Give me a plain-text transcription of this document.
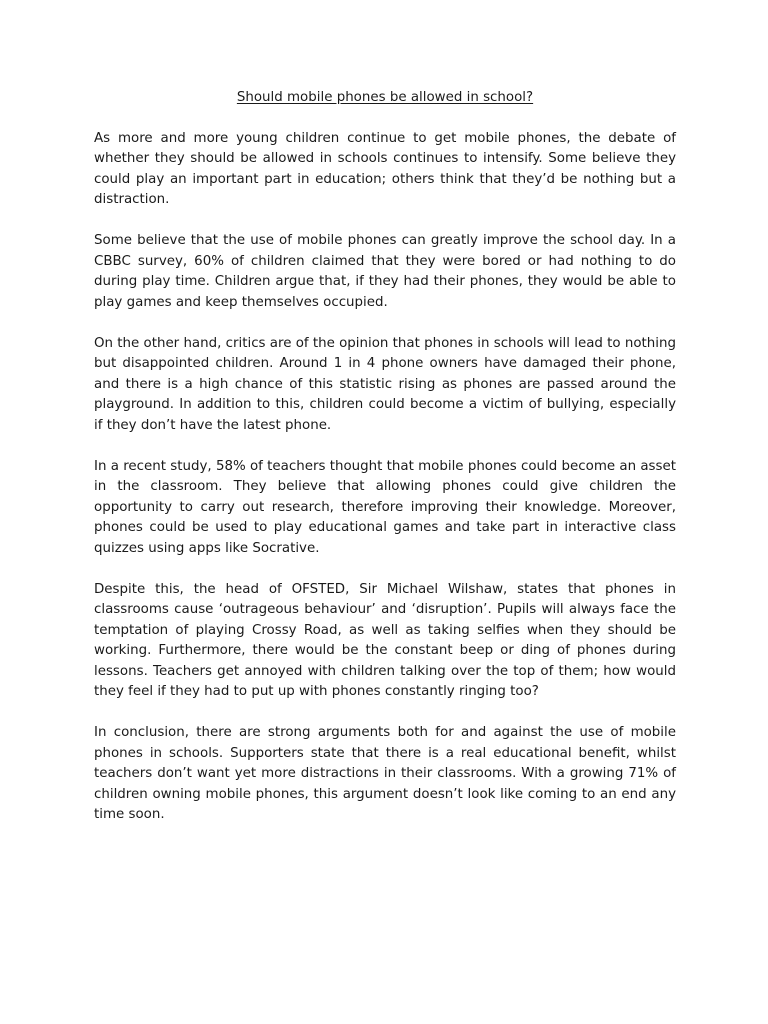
Should mobile phones be allowed in school?

As more and more young children continue to get mobile phones, the debate of whether they should be allowed in schools continues to intensify. Some believe they could play an important part in education; others think that they’d be nothing but a distraction.

Some believe that the use of mobile phones can greatly improve the school day. In a CBBC survey, 60% of children claimed that they were bored or had nothing to do during play time. Children argue that, if they had their phones, they would be able to play games and keep themselves occupied.

On the other hand, critics are of the opinion that phones in schools will lead to nothing but disappointed children. Around 1 in 4 phone owners have damaged their phone, and there is a high chance of this statistic rising as phones are passed around the playground. In addition to this, children could become a victim of bullying, especially if they don’t have the latest phone.

In a recent study, 58% of teachers thought that mobile phones could become an asset in the classroom. They believe that allowing phones could give children the opportunity to carry out research, therefore improving their knowledge. Moreover, phones could be used to play educational games and take part in interactive class quizzes using apps like Socrative.

Despite this, the head of OFSTED, Sir Michael Wilshaw, states that phones in classrooms cause ‘outrageous behaviour’ and ‘disruption’. Pupils will always face the temptation of playing Crossy Road, as well as taking selfies when they should be working. Furthermore, there would be the constant beep or ding of phones during lessons. Teachers get annoyed with children talking over the top of them; how would they feel if they had to put up with phones constantly ringing too?

In conclusion, there are strong arguments both for and against the use of mobile phones in schools. Supporters state that there is a real educational benefit, whilst teachers don’t want yet more distractions in their classrooms. With a growing 71% of children owning mobile phones, this argument doesn’t look like coming to an end any time soon.
